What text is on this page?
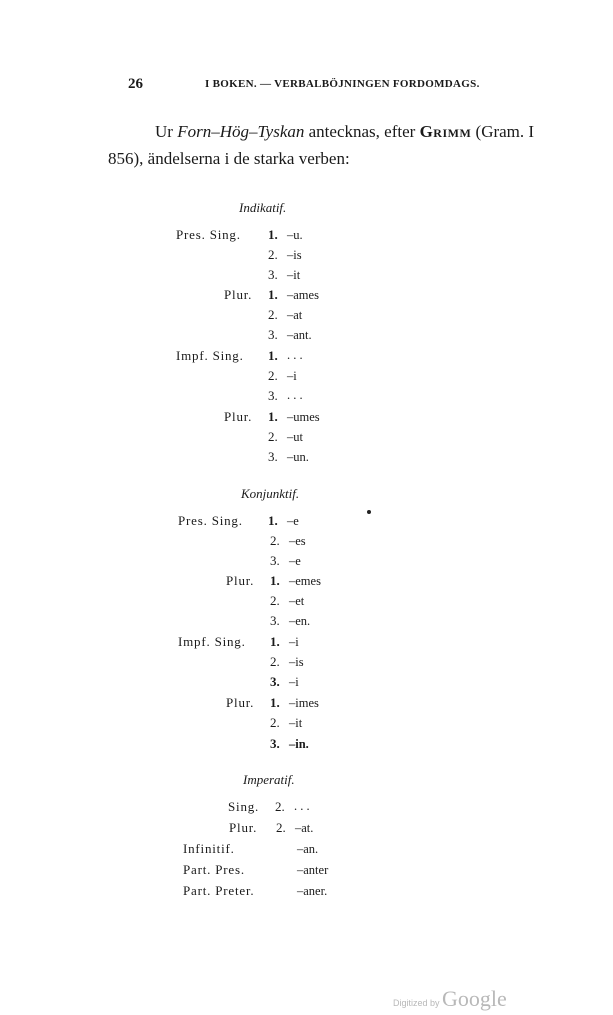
26	I BOKEN. — VERBALBÖJNINGEN FORDOMDAGS.
Ur Forn–Hög–Tyskan antecknas, efter Grimm (Gram. I
856), ändelserna i de starka verben:
Indikatif.
Pres. Sing. 1. –u.
2. –is
3. –it
Plur. 1. –ames
2. –at
3. –ant.
Impf. Sing. 1. . . .
2. –i
3. . . .
Plur. 1. –umes
2. –ut
3. –un.
Konjunktif.
Pres. Sing. 1. –e
2. –es
3. –e
Plur. 1. –emes
2. –et
3. –en.
Impf. Sing. 1. –i
2. –is
3. –i
Plur. 1. –imes
2. –it
3. –in.
Imperatif.
Sing. 2. . . .
Plur. 2. –at.
Infinitif.	–an.
Part. Pres.	–anter
Part. Preter.	–aner.
Digitized by Google
